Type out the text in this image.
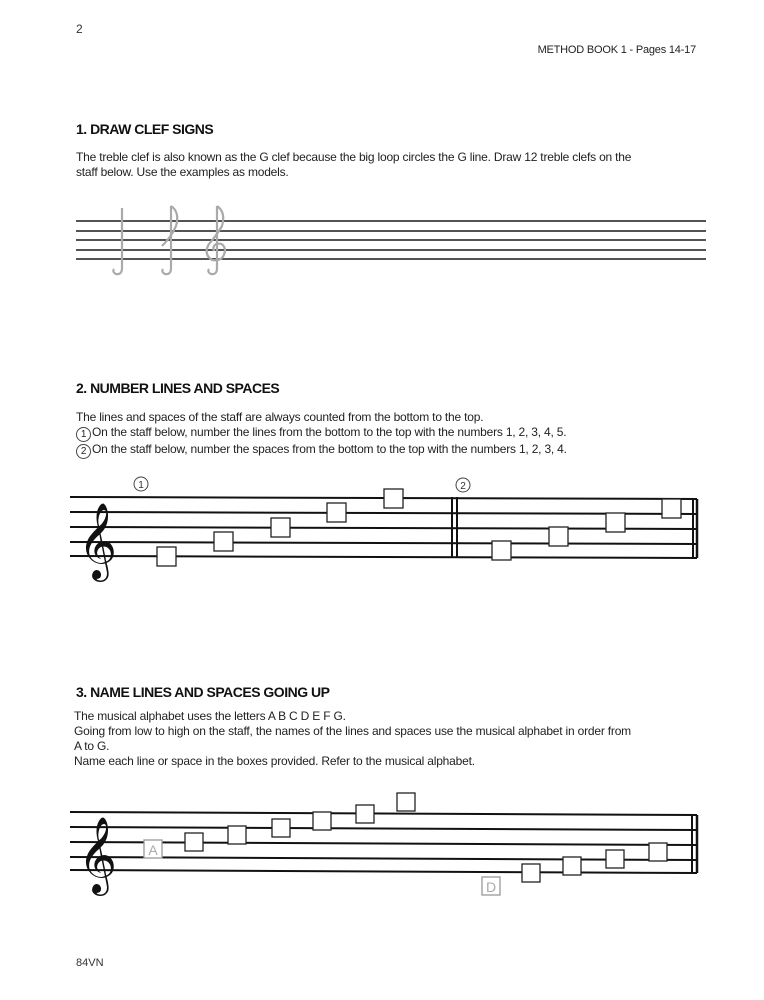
2
METHOD BOOK 1 - Pages 14-17
1. DRAW CLEF SIGNS
The treble clef is also known as the G clef because the big loop circles the G line. Draw 12 treble clefs on the
staff below. Use the examples as models.
𝄞
1	2
𝄞 A
D
2. NUMBER LINES AND SPACES
The lines and spaces of the staff are always counted from the bottom to the top.
1 On the staff below, number the lines from the bottom to the top with the numbers 1, 2, 3, 4, 5.
2 On the staff below, number the spaces from the bottom to the top with the numbers 1, 2, 3, 4.
3. NAME LINES AND SPACES GOING UP
The musical alphabet uses the letters A B C D E F G.
Going from low to high on the staff, the names of the lines and spaces use the musical alphabet in order from
A to G.
Name each line or space in the boxes provided. Refer to the musical alphabet.
84VN
